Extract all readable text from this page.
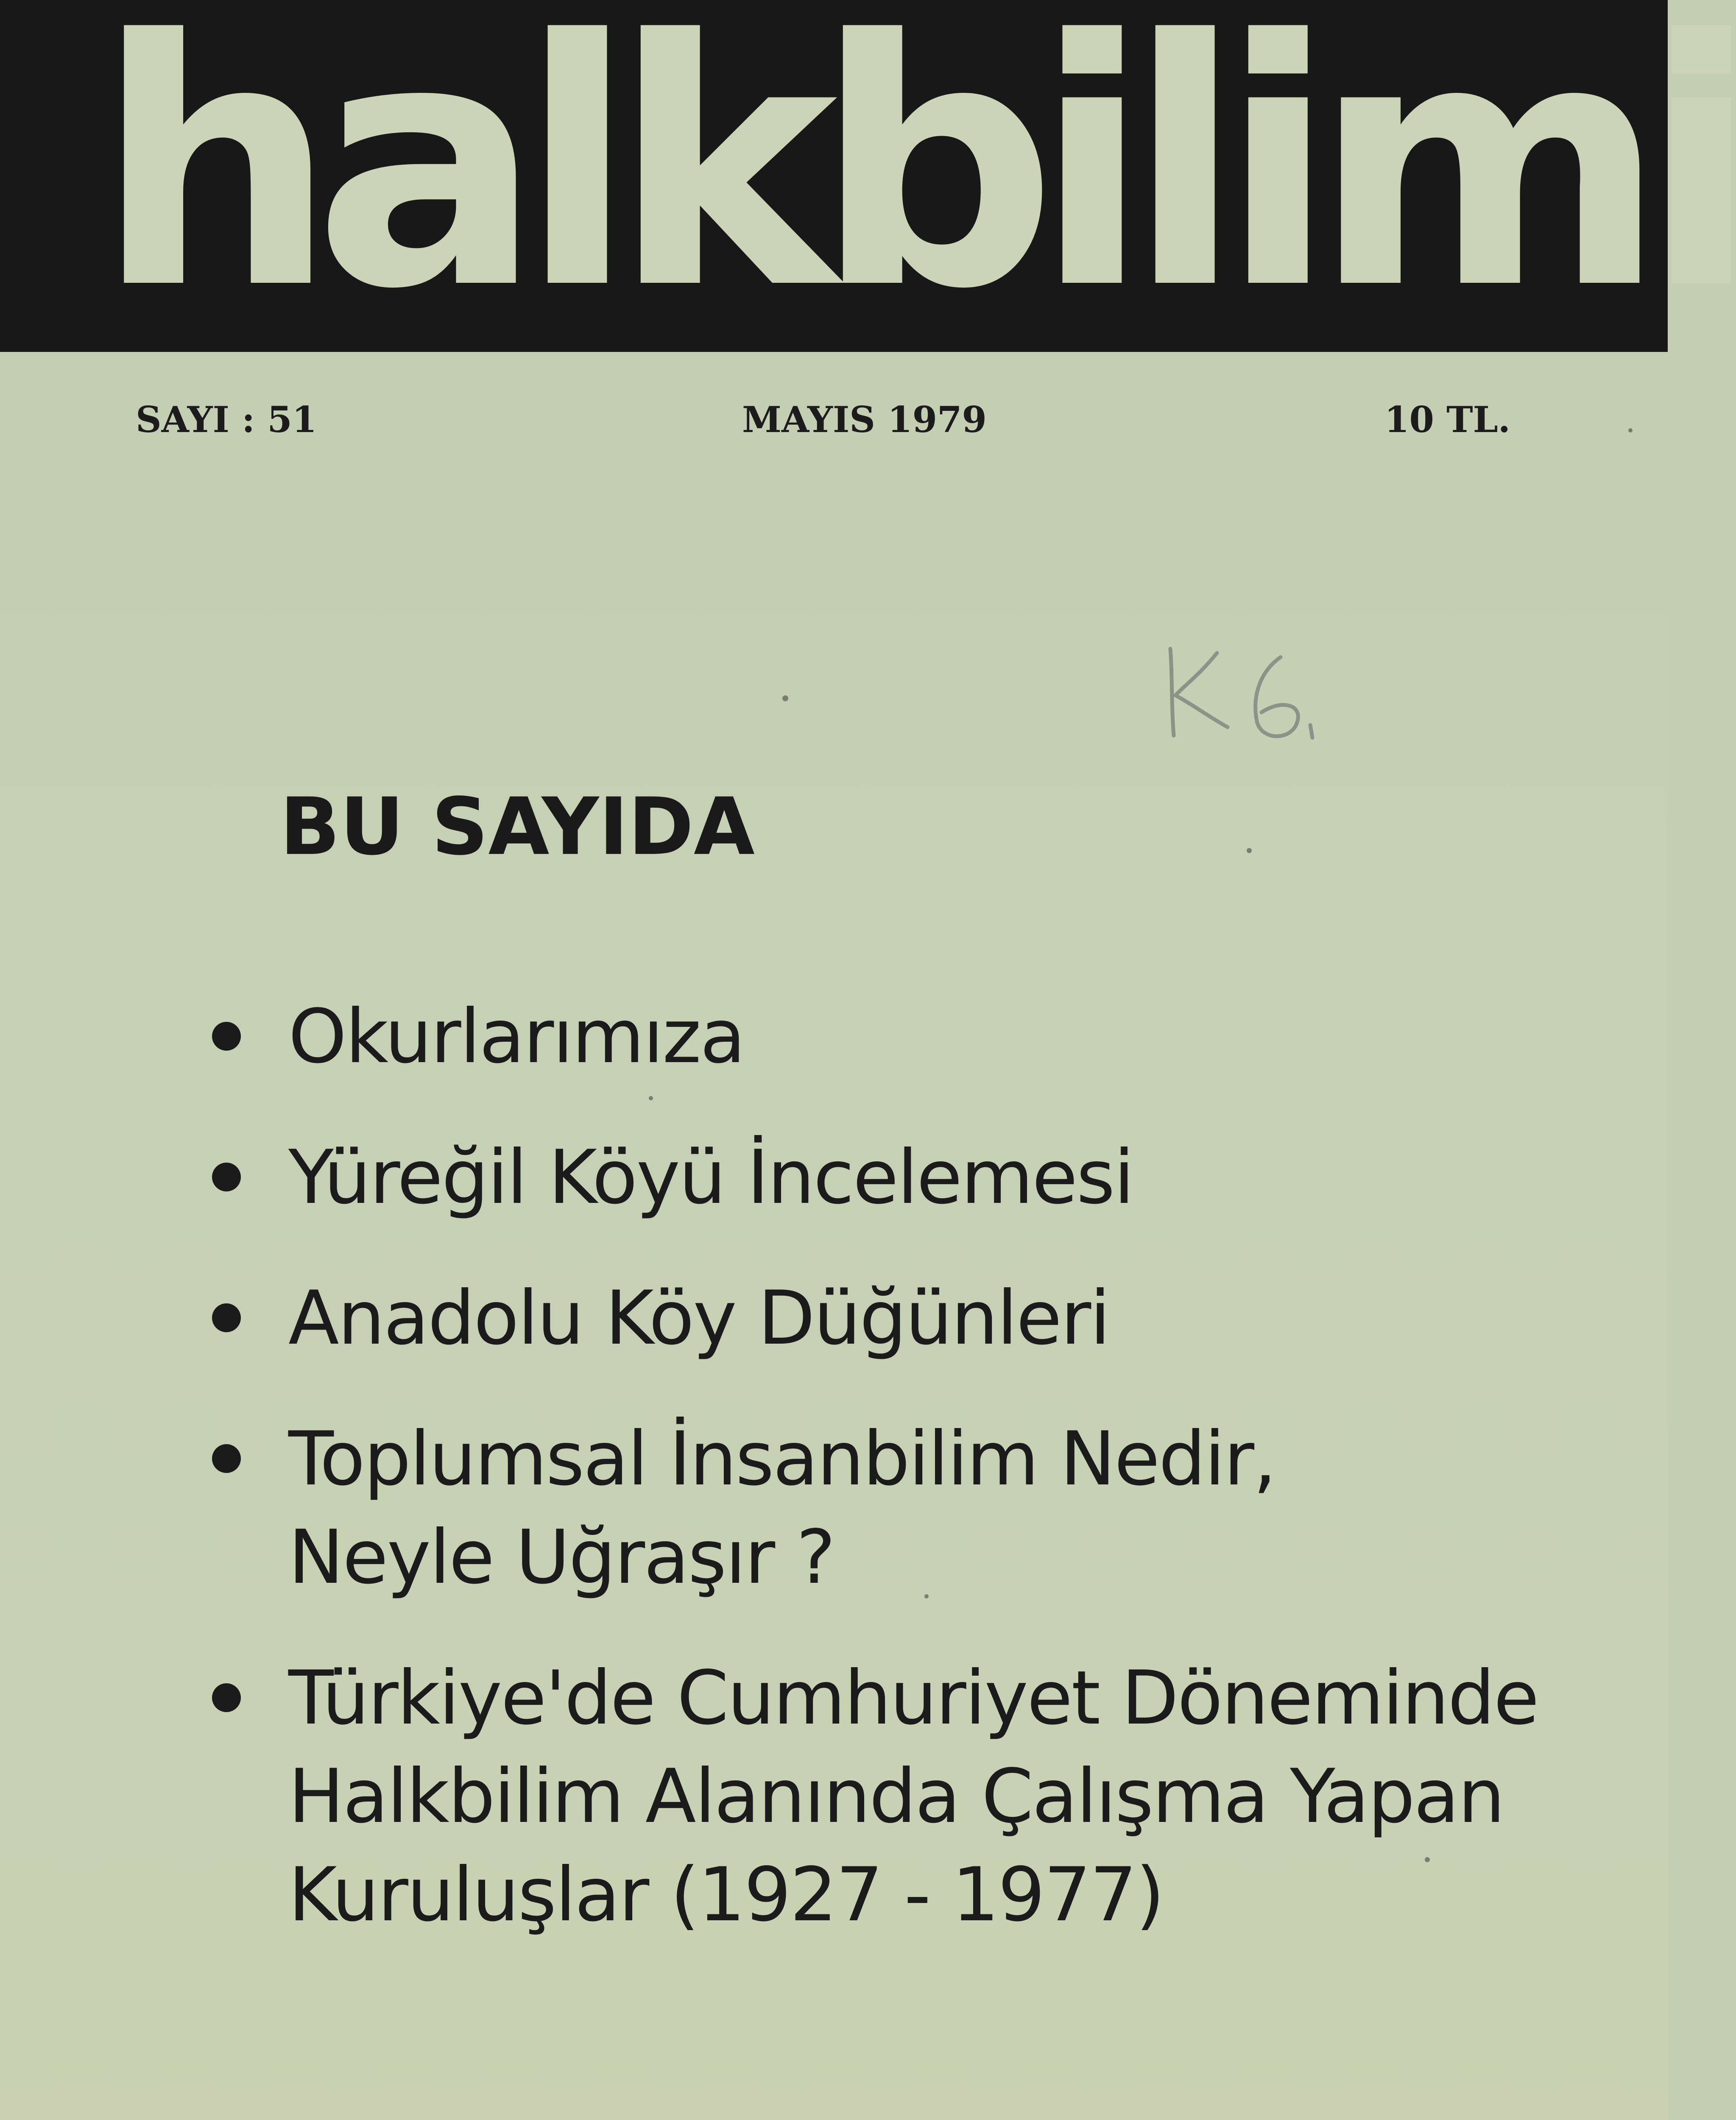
halkbilimi
SAYI : 51	MAYIS 1979	10 TL.
BU SAYIDA
Okurlarımıza
Yüreğil Köyü İncelemesi
Anadolu Köy Düğünleri
Toplumsal İnsanbilim Nedir,
Neyle Uğraşır ?
Türkiye'de Cumhuriyet Döneminde
Halkbilim Alanında Çalışma Yapan
Kuruluşlar (1927 - 1977)
